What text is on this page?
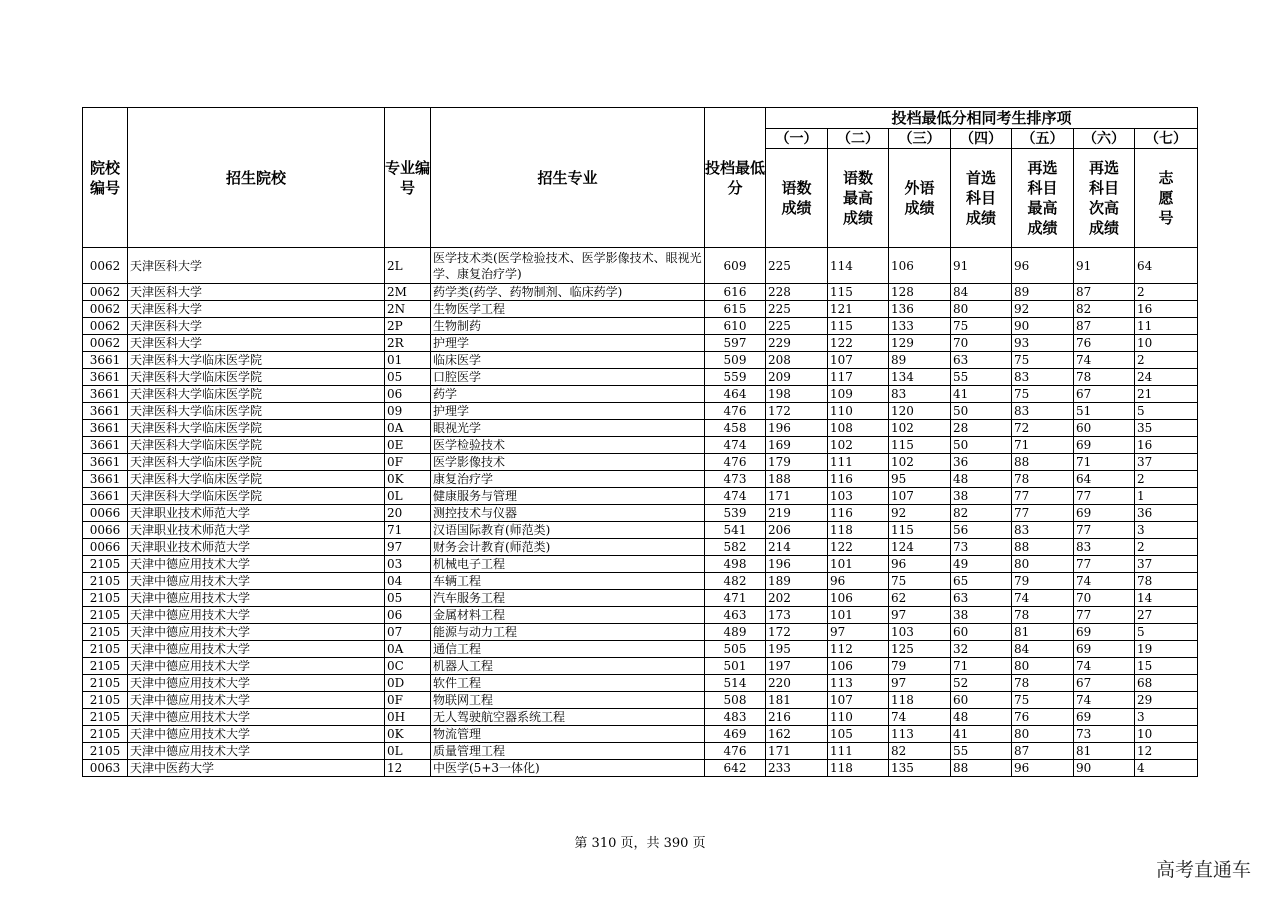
院校编号	招生院校	专业编号	招生专业	投档最低分	投档最低分相同考生排序项						
					（一）	（二）	（三）	（四）	（五）	（六）	（七）
					语数成绩	语数最高成绩	外语成绩	首选科目成绩	再选科目最高成绩	再选科目次高成绩	志愿号
0062	天津医科大学	2L	医学技术类(医学检验技术、医学影像技术、眼视光学、康复治疗学)	609	225	114	106	91	96	91	64
0062	天津医科大学	2M	药学类(药学、药物制剂、临床药学)	616	228	115	128	84	89	87	2
0062	天津医科大学	2N	生物医学工程	615	225	121	136	80	92	82	16
0062	天津医科大学	2P	生物制药	610	225	115	133	75	90	87	11
0062	天津医科大学	2R	护理学	597	229	122	129	70	93	76	10
3661	天津医科大学临床医学院	01	临床医学	509	208	107	89	63	75	74	2
3661	天津医科大学临床医学院	05	口腔医学	559	209	117	134	55	83	78	24
3661	天津医科大学临床医学院	06	药学	464	198	109	83	41	75	67	21
3661	天津医科大学临床医学院	09	护理学	476	172	110	120	50	83	51	5
3661	天津医科大学临床医学院	0A	眼视光学	458	196	108	102	28	72	60	35
3661	天津医科大学临床医学院	0E	医学检验技术	474	169	102	115	50	71	69	16
3661	天津医科大学临床医学院	0F	医学影像技术	476	179	111	102	36	88	71	37
3661	天津医科大学临床医学院	0K	康复治疗学	473	188	116	95	48	78	64	2
3661	天津医科大学临床医学院	0L	健康服务与管理	474	171	103	107	38	77	77	1
0066	天津职业技术师范大学	20	测控技术与仪器	539	219	116	92	82	77	69	36
0066	天津职业技术师范大学	71	汉语国际教育(师范类)	541	206	118	115	56	83	77	3
0066	天津职业技术师范大学	97	财务会计教育(师范类)	582	214	122	124	73	88	83	2
2105	天津中德应用技术大学	03	机械电子工程	498	196	101	96	49	80	77	37
2105	天津中德应用技术大学	04	车辆工程	482	189	96	75	65	79	74	78
2105	天津中德应用技术大学	05	汽车服务工程	471	202	106	62	63	74	70	14
2105	天津中德应用技术大学	06	金属材料工程	463	173	101	97	38	78	77	27
2105	天津中德应用技术大学	07	能源与动力工程	489	172	97	103	60	81	69	5
2105	天津中德应用技术大学	0A	通信工程	505	195	112	125	32	84	69	19
2105	天津中德应用技术大学	0C	机器人工程	501	197	106	79	71	80	74	15
2105	天津中德应用技术大学	0D	软件工程	514	220	113	97	52	78	67	68
2105	天津中德应用技术大学	0F	物联网工程	508	181	107	118	60	75	74	29
2105	天津中德应用技术大学	0H	无人驾驶航空器系统工程	483	216	110	74	48	76	69	3
2105	天津中德应用技术大学	0K	物流管理	469	162	105	113	41	80	73	10
2105	天津中德应用技术大学	0L	质量管理工程	476	171	111	82	55	87	81	12
0063	天津中医药大学	12	中医学(5+3一体化)	642	233	118	135	88	96	90	4
第 310 页，共 390 页
高考直通车
